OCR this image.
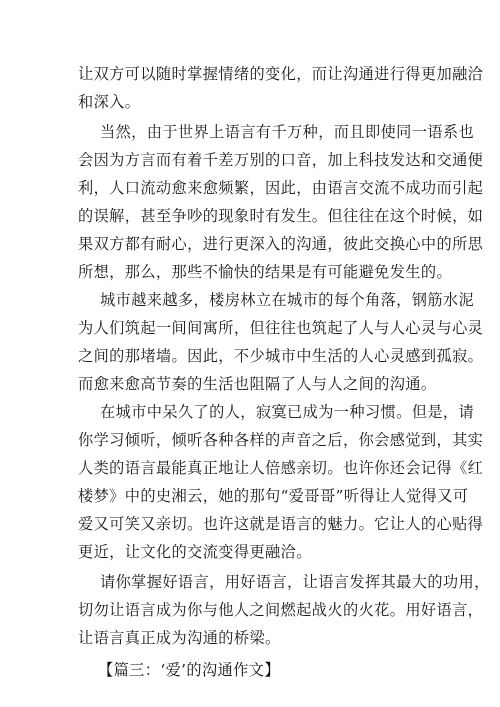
让双方可以随时掌握情绪的变化，而让沟通进行得更加融洽
和深入。
当然，由于世界上语言有千万种，而且即使同一语系也
会因为方言而有着千差万别的口音，加上科技发达和交通便
利，人口流动愈来愈频繁，因此，由语言交流不成功而引起
的误解，甚至争吵的现象时有发生。但往往在这个时候，如
果双方都有耐心，进行更深入的沟通，彼此交换心中的所思
所想，那么，那些不愉快的结果是有可能避免发生的。
城市越来越多，楼房林立在城市的每个角落，钢筋水泥
为人们筑起一间间寓所，但往往也筑起了人与人心灵与心灵
之间的那堵墙。因此，不少城市中生活的人心灵感到孤寂。
而愈来愈高节奏的生活也阻隔了人与人之间的沟通。
在城市中呆久了的人，寂寞已成为一种习惯。但是，请
你学习倾听，倾听各种各样的声音之后，你会感觉到，其实
人类的语言最能真正地让人倍感亲切。也许你还会记得《红
楼梦》中的史湘云，她的那句“爱哥哥”听得让人觉得又可
爱又可笑又亲切。也许这就是语言的魅力。它让人的心贴得
更近，让文化的交流变得更融洽。
请你掌握好语言，用好语言，让语言发挥其最大的功用，
切勿让语言成为你与他人之间燃起战火的火花。用好语言，
让语言真正成为沟通的桥梁。
【篇三：‘爱’的沟通作文】
